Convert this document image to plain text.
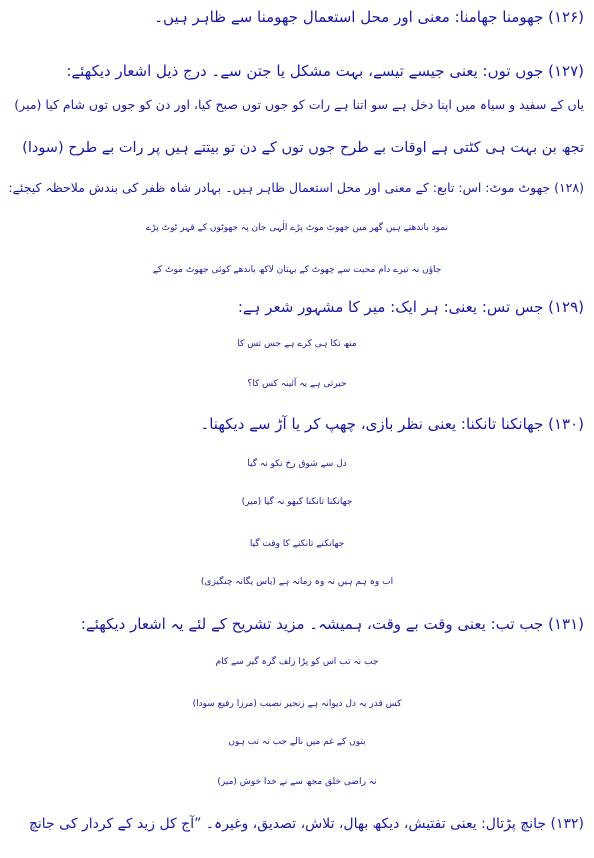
(۱۲۶) جھومنا جھامنا: معنی اور محل استعمال جھومنا سے ظاہر ہیں۔
(۱۲۷) جوں توں: یعنی جیسے تیسے، بہت مشکل یا جتن سے۔ درج ذیل اشعار دیکھئے:
یاں کے سفید و سیاہ میں اپنا دخل ہے سو اتنا ہے رات کو جوں توں صبح کیا، اور دن کو جوں توں شام کیا (میر)
تجھ بن بہت ہی کٹتی ہے اوقات بے طرح جوں توں کے دن تو بیتتے ہیں پر رات بے طرح (سودا)
(۱۲۸) جھوٹ موٹ: اس: تابع: کے معنی اور محل استعمال ظاہر ہیں۔ بہادر شاہ ظفر کی بندش ملاحظہ کیجئے:
نمود باندھتے ہیں گھر میں جھوٹ موٹ پڑے الٰہی جان پہ جھوٹوں کے قہر ٹوٹ پڑے
جاؤں نہ تیرے دام محبت سے چھوٹ کے بہتان لاکھ باندھے کوئی جھوٹ موٹ کے
(۱۲۹) جس تس: یعنی: ہر ایک: میر کا مشہور شعر ہے:
منھ تکا ہی کرے ہے جس تس کا
حیرتی ہے یہ آئینہ کس کا؟
(۱۳۰) جھانکنا تانکنا: یعنی نظر بازی، چھپ کر یا آڑ سے دیکھنا۔
دل سے شوق رخ نکو نہ گیا
جھانکنا تانکنا کبھو نہ گیا (میر)
جھانکنے تانکنے کا وقت گیا
اب وہ ہم ہیں نہ وہ زمانہ ہے (یاس یگانہ چنگیزی)
(۱۳۱) جب تب: یعنی وقت بے وقت، ہمیشہ۔ مزید تشریح کے لئے یہ اشعار دیکھئے:
جب نہ تب اس کو پڑا زلف گرہ گیر سے کام
کس قدر یہ دل دیوانہ ہے زنجیر نصیب (مرزا رفیع سودا)
بتوں کے غم میں نالے جب نہ تب ہوں
نہ راضی خلق مجھ سے نے خدا خوش (میر)
(۱۳۲) جانچ پڑتال: یعنی تفتیش، دیکھ بھال، تلاش، تصدیق، وغیرہ۔ ”آج کل زید کے کردار کی جانچ
